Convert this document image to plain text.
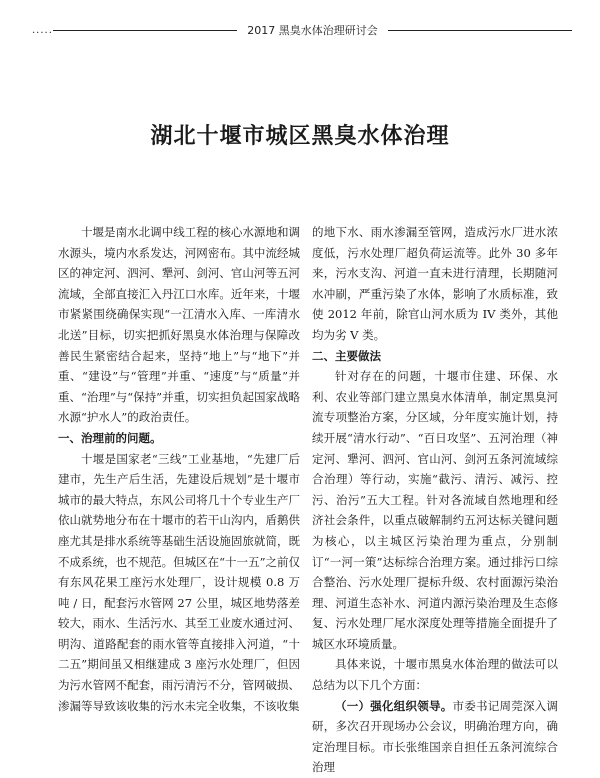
.....	2017 黑臭水体治理研讨会
湖北十堰市城区黑臭水体治理

十堰是南水北调中线工程的核心水源地和调水源头，境内水系发达，河网密布。其中流经城区的神定河、泗河、犟河、剑河、官山河等五河流域，全部直接汇入丹江口水库。近年来，十堰市紧紧围绕确保实现“一江清水入库、一库清水北送”目标，切实把抓好黑臭水体治理与保障改善民生紧密结合起来，坚持“地上”与“地下”并重、“建设”与“管理”并重、“速度”与“质量”并重、“治理”与“保持”并重，切实担负起国家战略水源“护水人”的政治责任。

一、治理前的问题。

十堰是国家老“三线”工业基地，“先建厂后建市，先生产后生活，先建设后规划”是十堰市城市的最大特点，东风公司将几十个专业生产厂依山就势地分布在十堰市的若干山沟内，盾鹅供座尤其是排水系统等基础生活设施固旅就简，既不成系统，也不规范。但城区在“十一五”之前仅有东风花果工座污水处理厂，设计规模 0.8 万吨 / 日，配套污水管网 27 公里，城区地势落差较大，雨水、生活污水、其至工业废水通过河、明沟、道路配套的雨水管等直接排入河道，“十二五”期间虽又相继建成 3 座污水处理厂，但因为污水管网不配套，雨污清污不分，管网破损、渗漏等导致该收集的污水未完全收集，不该收集

的地下水、雨水渗漏至管网，造成污水厂进水浓度低，污水处理厂超负荷运流等。此外 30 多年来，污水支沟、河道一直未进行清理，长期随河水冲刷，严重污染了水体，影响了水质标准，致使 2012 年前，除官山河水质为 IV 类外，其他均为劣 V 类。

二、主要做法

针对存在的问题，十堰市住建、环保、水利、农业等部门建立黑臭水体清单，制定黑臭河流专项整治方案，分区域，分年度实施计划，持续开展“清水行动”、“百日攻坚”、五河治理（神定河、犟河、泗河、官山河、剑河五条河流域综合治理）等行动，实施“截污、清污、减污、控污、治污”五大工程。针对各流域自然地理和经济社会条件，以重点破解制约五河达标关键问题为核心，以主城区污染治理为重点，分别制订“一河一策”达标综合治理方案。通过排污口综合整治、污水处理厂提标升级、农村面源污染治理、河道生态补水、河道内源污染治理及生态修复、污水处理厂尾水深度处理等措施全面提升了城区水环境质量。

具体来说，十堰市黑臭水体治理的做法可以总结为以下几个方面：

（一）强化组织领导。市委书记周莞深入调研，多次召开现场办公会议，明确治理方向，确定治理目标。市长张维国亲自担任五条河流综合治理
